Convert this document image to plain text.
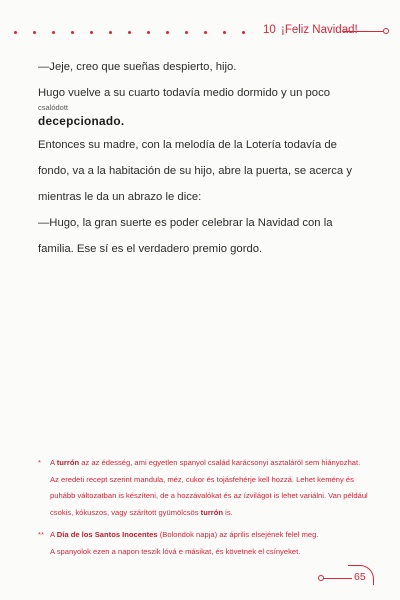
10 ¡Feliz Navidad!

—Jeje, creo que sueñas despierto, hijo.

Hugo vuelve a su cuarto todavía medio dormido y un poco

csalódott
decepcionado.

Entonces su madre, con la melodía de la Lotería todavía de

fondo, va a la habitación de su hijo, abre la puerta, se acerca y

mientras le da un abrazo le dice:

—Hugo, la gran suerte es poder celebrar la Navidad con la

familia. Ese sí es el verdadero premio gordo.

* A turrón az az édesség, ami egyetlen spanyol család karácsonyi asztaláról sem hiányozhat.
Az eredeti recept szerint mandula, méz, cukor és tojásfehérje kell hozzá. Lehet kemény és
puhább változatban is készíteni, de a hozzávalókat és az ízvilágot is lehet variálni. Van például
csokis, kókuszos, vagy szárított gyümölcsös turrón is.
** A Día de los Santos Inocentes (Bolondok napja) az április elsejének felel meg.
A spanyolok ezen a napon teszik lóvá e másikat, és követnek el csínyeket.
65
